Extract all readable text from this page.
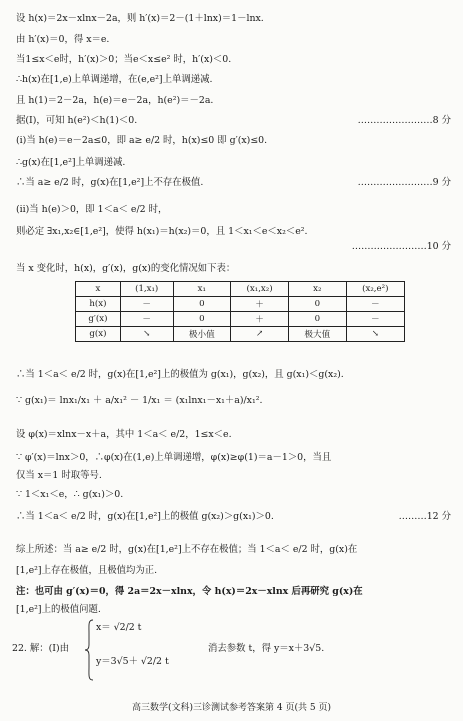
设 h(x)＝2x－xlnx－2a，则 h′(x)＝2－(1＋lnx)＝1－lnx.
由 h′(x)＝0，得 x＝e.
当1≤x＜e时，h′(x)＞0；当e＜x≤e² 时，h′(x)＜0.
∴h(x)在[1,e)上单调递增，在(e,e²]上单调递减.
且 h(1)＝2－2a，h(e)＝e－2a，h(e²)＝－2a.
据(Ⅰ)，可知 h(e²)＜h(1)＜0.	……………………8 分
(ⅰ)当 h(e)＝e－2a≤0，即 a≥ e/2 时，h(x)≤0 即 g′(x)≤0.
∴g(x)在[1,e²]上单调递减.
∴当 a≥ e/2 时，g(x)在[1,e²]上不存在极值.	……………………9 分
(ⅱ)当 h(e)＞0，即 1＜a＜ e/2 时，
则必定 ∃x₁,x₂∈[1,e²]，使得 h(x₁)＝h(x₂)＝0，且 1＜x₁＜e＜x₂＜e².
……………………10 分
当 x 变化时，h(x)，g′(x)，g(x)的变化情况如下表：
x	(1,x₁)	x₁	(x₁,x₂)	x₂	(x₂,e²)
h(x)	－	0	＋	0	－
g′(x)	－	0	＋	0	－
g(x)	↘	极小值	↗	极大值	↘
∴当 1＜a＜ e/2 时，g(x)在[1,e²]上的极值为 g(x₁)，g(x₂)，且 g(x₁)＜g(x₂).
∵ g(x₁)＝ lnx₁/x₁ ＋ a/x₁² － 1/x₁ ＝ (x₁lnx₁－x₁＋a)/x₁².
设 φ(x)＝xlnx－x＋a，其中 1＜a＜ e/2，1≤x＜e.
∵ φ′(x)＝lnx＞0，∴φ(x)在(1,e)上单调递增，φ(x)≥φ(1)＝a－1＞0，当且
仅当 x＝1 时取等号.
∵ 1＜x₁＜e，∴ g(x₁)＞0.
∴当 1＜a＜ e/2 时，g(x)在[1,e²]上的极值 g(x₂)＞g(x₁)＞0.	………12 分
综上所述：当 a≥ e/2 时，g(x)在[1,e²]上不存在极值；当 1＜a＜ e/2 时，g(x)在
[1,e²]上存在极值，且极值均为正.
注：也可由 g′(x)＝0，得 2a＝2x－xlnx，令 h(x)＝2x－xlnx 后再研究 g(x)在
[1,e²]上的极值问题.
22. 解：(Ⅰ)由
x＝ √2/2 t
y＝3√5＋ √2/2 t
消去参数 t，得 y＝x＋3√5.
高三数学(文科)三诊测试参考答案第 4 页(共 5 页)
